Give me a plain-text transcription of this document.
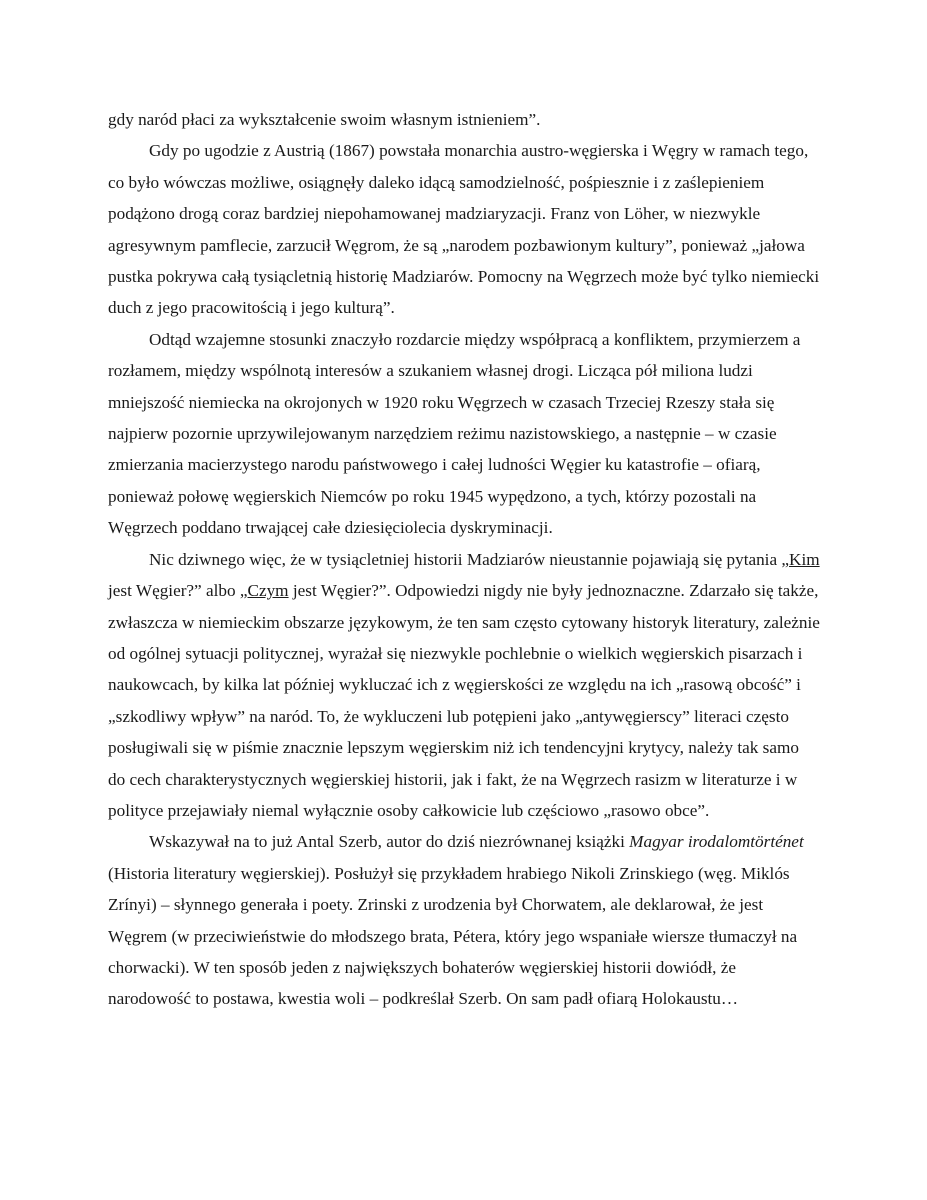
gdy naród płaci za wykształcenie swoim własnym istnieniem”.

Gdy po ugodzie z Austrią (1867) powstała monarchia austro-węgierska i Węgry w ramach tego, co było wówczas możliwe, osiągnęły daleko idącą samodzielność, pośpiesznie i z zaślepieniem podążono drogą coraz bardziej niepohamowanej madziaryzacji. Franz von Löher, w niezwykle agresywnym pamflecie, zarzucił Węgrom, że są „narodem pozbawionym kultury”, ponieważ „jałowa pustka pokrywa całą tysiącletnią historię Madziarów. Pomocny na Węgrzech może być tylko niemiecki duch z jego pracowitością i jego kulturą”.

Odtąd wzajemne stosunki znaczyło rozdarcie między współpracą a konfliktem, przymierzem a rozłamem, między wspólnotą interesów a szukaniem własnej drogi. Licząca pół miliona ludzi mniejszość niemiecka na okrojonych w 1920 roku Węgrzech w czasach Trzeciej Rzeszy stała się najpierw pozornie uprzywilejowanym narzędziem reżimu nazistowskiego, a następnie – w czasie zmierzania macierzystego narodu państwowego i całej ludności Węgier ku katastrofie – ofiarą, ponieważ połowę węgierskich Niemców po roku 1945 wypędzono, a tych, którzy pozostali na Węgrzech poddano trwającej całe dziesięciolecia dyskryminacji.

Nic dziwnego więc, że w tysiącletniej historii Madziarów nieustannie pojawiają się pytania „Kim jest Węgier?” albo „Czym jest Węgier?”. Odpowiedzi nigdy nie były jednoznaczne. Zdarzało się także, zwłaszcza w niemieckim obszarze językowym, że ten sam często cytowany historyk literatury, zależnie od ogólnej sytuacji politycznej, wyrażał się niezwykle pochlebnie o wielkich węgierskich pisarzach i naukowcach, by kilka lat później wykluczać ich z węgierskości ze względu na ich „rasową obcość” i „szkodliwy wpływ” na naród. To, że wykluczeni lub potępieni jako „antywęgierscy” literaci często posługiwali się w piśmie znacznie lepszym węgierskim niż ich tendencyjni krytycy, należy tak samo do cech charakterystycznych węgierskiej historii, jak i fakt, że na Węgrzech rasizm w literaturze i w polityce przejawiały niemal wyłącznie osoby całkowicie lub częściowo „rasowo obce”.

Wskazywał na to już Antal Szerb, autor do dziś niezrównanej książki Magyar irodalomtörténet (Historia literatury węgierskiej). Posłużył się przykładem hrabiego Nikoli Zrinskiego (węg. Miklós Zrínyi) – słynnego generała i poety. Zrinski z urodzenia był Chorwatem, ale deklarował, że jest Węgrem (w przeciwieństwie do młodszego brata, Pétera, który jego wspaniałe wiersze tłumaczył na chorwacki). W ten sposób jeden z największych bohaterów węgierskiej historii dowiódł, że narodowość to postawa, kwestia woli – podkreślał Szerb. On sam padł ofiarą Holokaustu…
